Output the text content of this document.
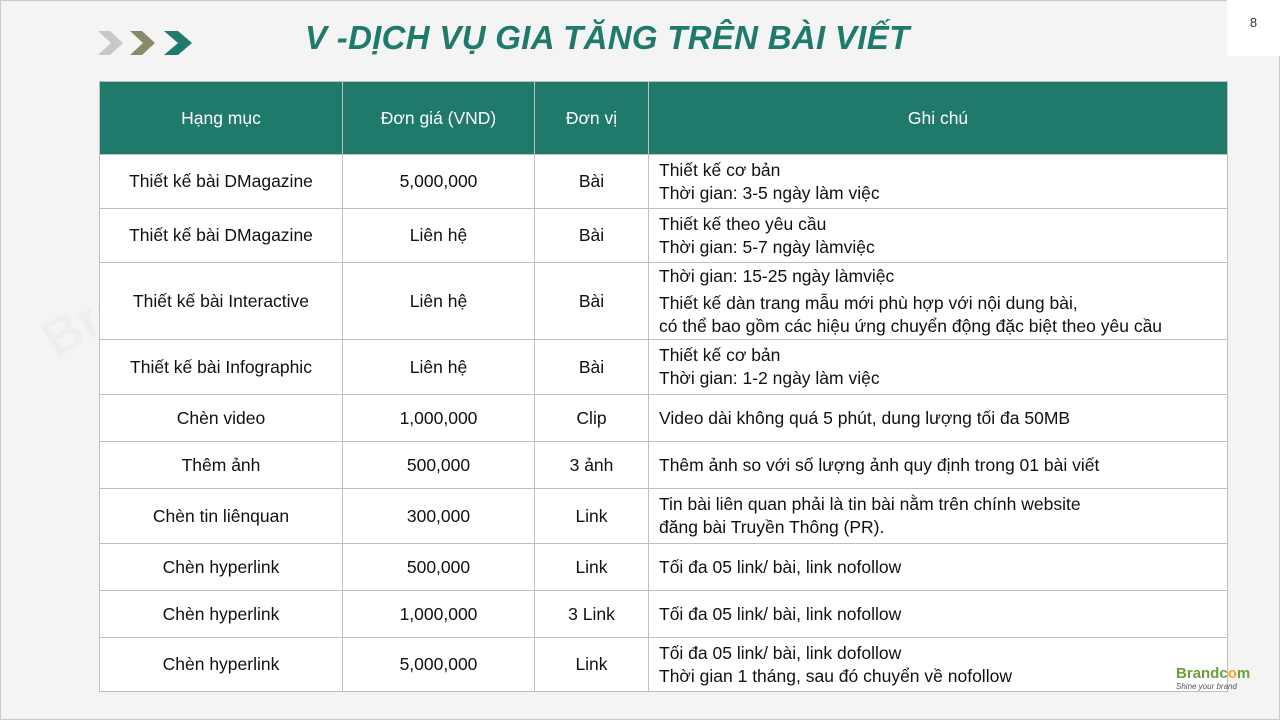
V -DỊCH VỤ GIA TĂNG TRÊN BÀI VIẾT	8
Hạng mục	Đơn giá (VND)	Đơn vị	Ghi chú
Thiết kế bài DMagazine	5,000,000	Bài	Thiết kế cơ bản
Thời gian: 3-5 ngày làm việc

Thiết kế bài DMagazine	Liên hệ	Bài	Thiết kế theo yêu cầu
Thời gian: 5-7 ngày làmviệc

Thiết kế bài Interactive	Liên hệ	Bài	Thời gian: 15-25 ngày làmviệc
Thiết kế dàn trang mẫu mới phù hợp với nội dung bài,
có thể bao gồm các hiệu ứng chuyển động đặc biệt theo yêu cầu

Thiết kế bài Infographic	Liên hệ	Bài	Thiết kế cơ bản
Thời gian: 1-2 ngày làm việc

Chèn video	1,000,000	Clip	Video dài không quá 5 phút, dung lượng tối đa 50MB

Thêm ảnh	500,000	3 ảnh	Thêm ảnh so với số lượng ảnh quy định trong 01 bài viết

Chèn tin liênquan	300,000	Link	Tin bài liên quan phải là tin bài nằm trên chính website
đăng bài Truyền Thông (PR).

Chèn hyperlink	500,000	Link	Tối đa 05 link/ bài, link nofollow

Chèn hyperlink	1,000,000	3 Link	Tối đa 05 link/ bài, link nofollow

Chèn hyperlink	5,000,000	Link	Tối đa 05 link/ bài, link dofollow
Thời gian 1 tháng, sau đó chuyển về nofollow	Brandcom
Shine your brand
